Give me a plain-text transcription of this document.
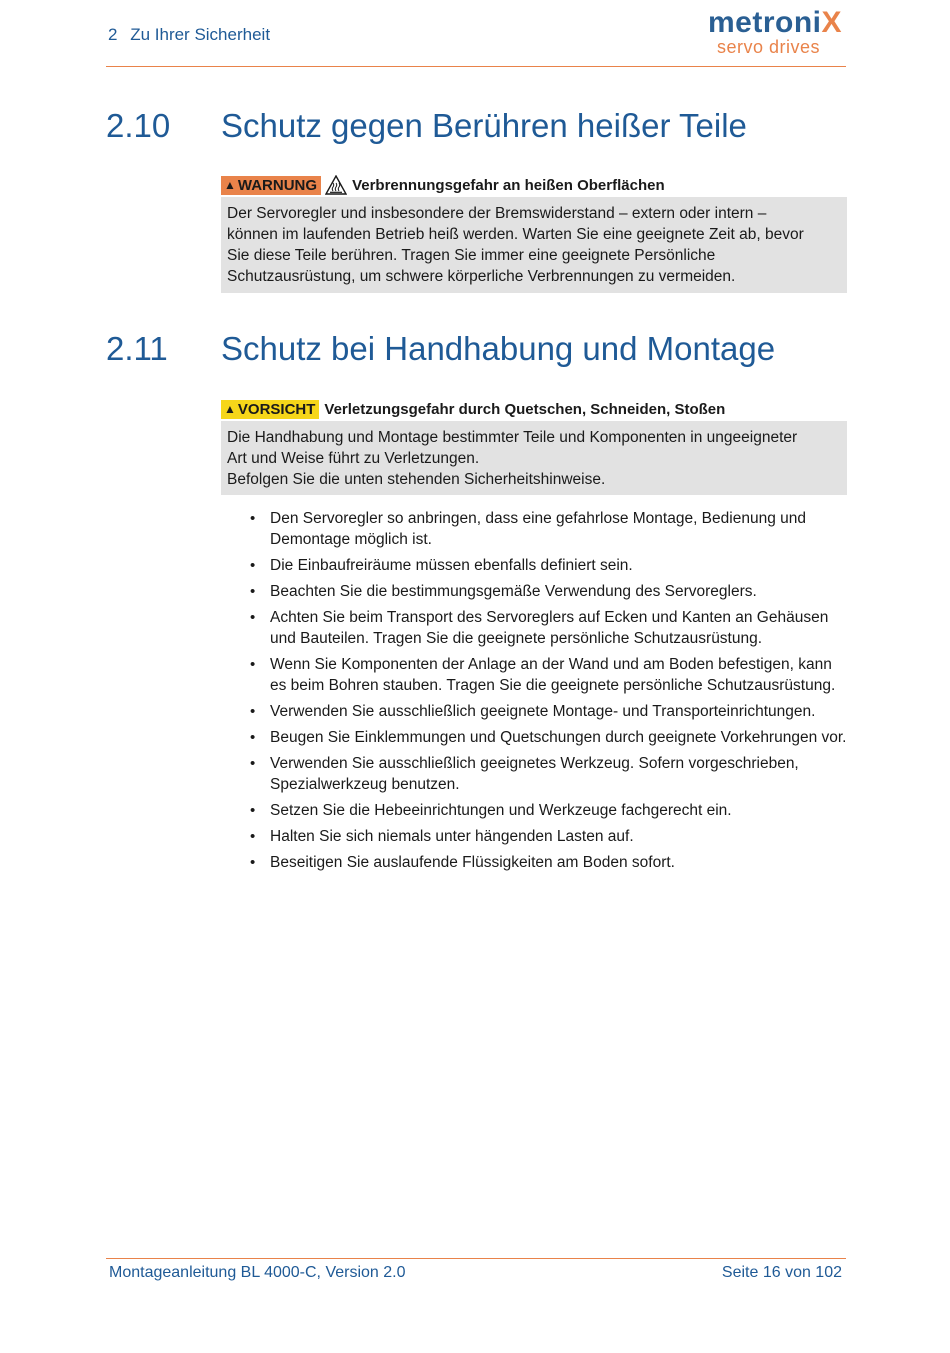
2 Zu Ihrer Sicherheit	metroniX
servo drives
2.10 Schutz gegen Berühren heißer Teile
▲ WARNUNG Verbrennungsgefahr an heißen Oberflächen
Der Servoregler und insbesondere der Bremswiderstand – extern oder intern –
können im laufenden Betrieb heiß werden. Warten Sie eine geeignete Zeit ab, bevor
Sie diese Teile berühren. Tragen Sie immer eine geeignete Persönliche
Schutzausrüstung, um schwere körperliche Verbrennungen zu vermeiden.
2.11 Schutz bei Handhabung und Montage
▲ VORSICHT Verletzungsgefahr durch Quetschen, Schneiden, Stoßen
Die Handhabung und Montage bestimmter Teile und Komponenten in ungeeigneter
Art und Weise führt zu Verletzungen.
Befolgen Sie die unten stehenden Sicherheitshinweise.
• Den Servoregler so anbringen, dass eine gefahrlose Montage, Bedienung und Demontage möglich ist.
• Die Einbaufreiräume müssen ebenfalls definiert sein.
• Beachten Sie die bestimmungsgemäße Verwendung des Servoreglers.
• Achten Sie beim Transport des Servoreglers auf Ecken und Kanten an Gehäusen und Bauteilen. Tragen Sie die geeignete persönliche Schutzausrüstung.
• Wenn Sie Komponenten der Anlage an der Wand und am Boden befestigen, kann es beim Bohren stauben. Tragen Sie die geeignete persönliche Schutzausrüstung.
• Verwenden Sie ausschließlich geeignete Montage- und Transporteinrichtungen.
• Beugen Sie Einklemmungen und Quetschungen durch geeignete Vorkehrungen vor.
• Verwenden Sie ausschließlich geeignetes Werkzeug. Sofern vorgeschrieben, Spezialwerkzeug benutzen.
• Setzen Sie die Hebeeinrichtungen und Werkzeuge fachgerecht ein.
• Halten Sie sich niemals unter hängenden Lasten auf.
• Beseitigen Sie auslaufende Flüssigkeiten am Boden sofort.
Montageanleitung BL 4000-C, Version 2.0	Seite 16 von 102
